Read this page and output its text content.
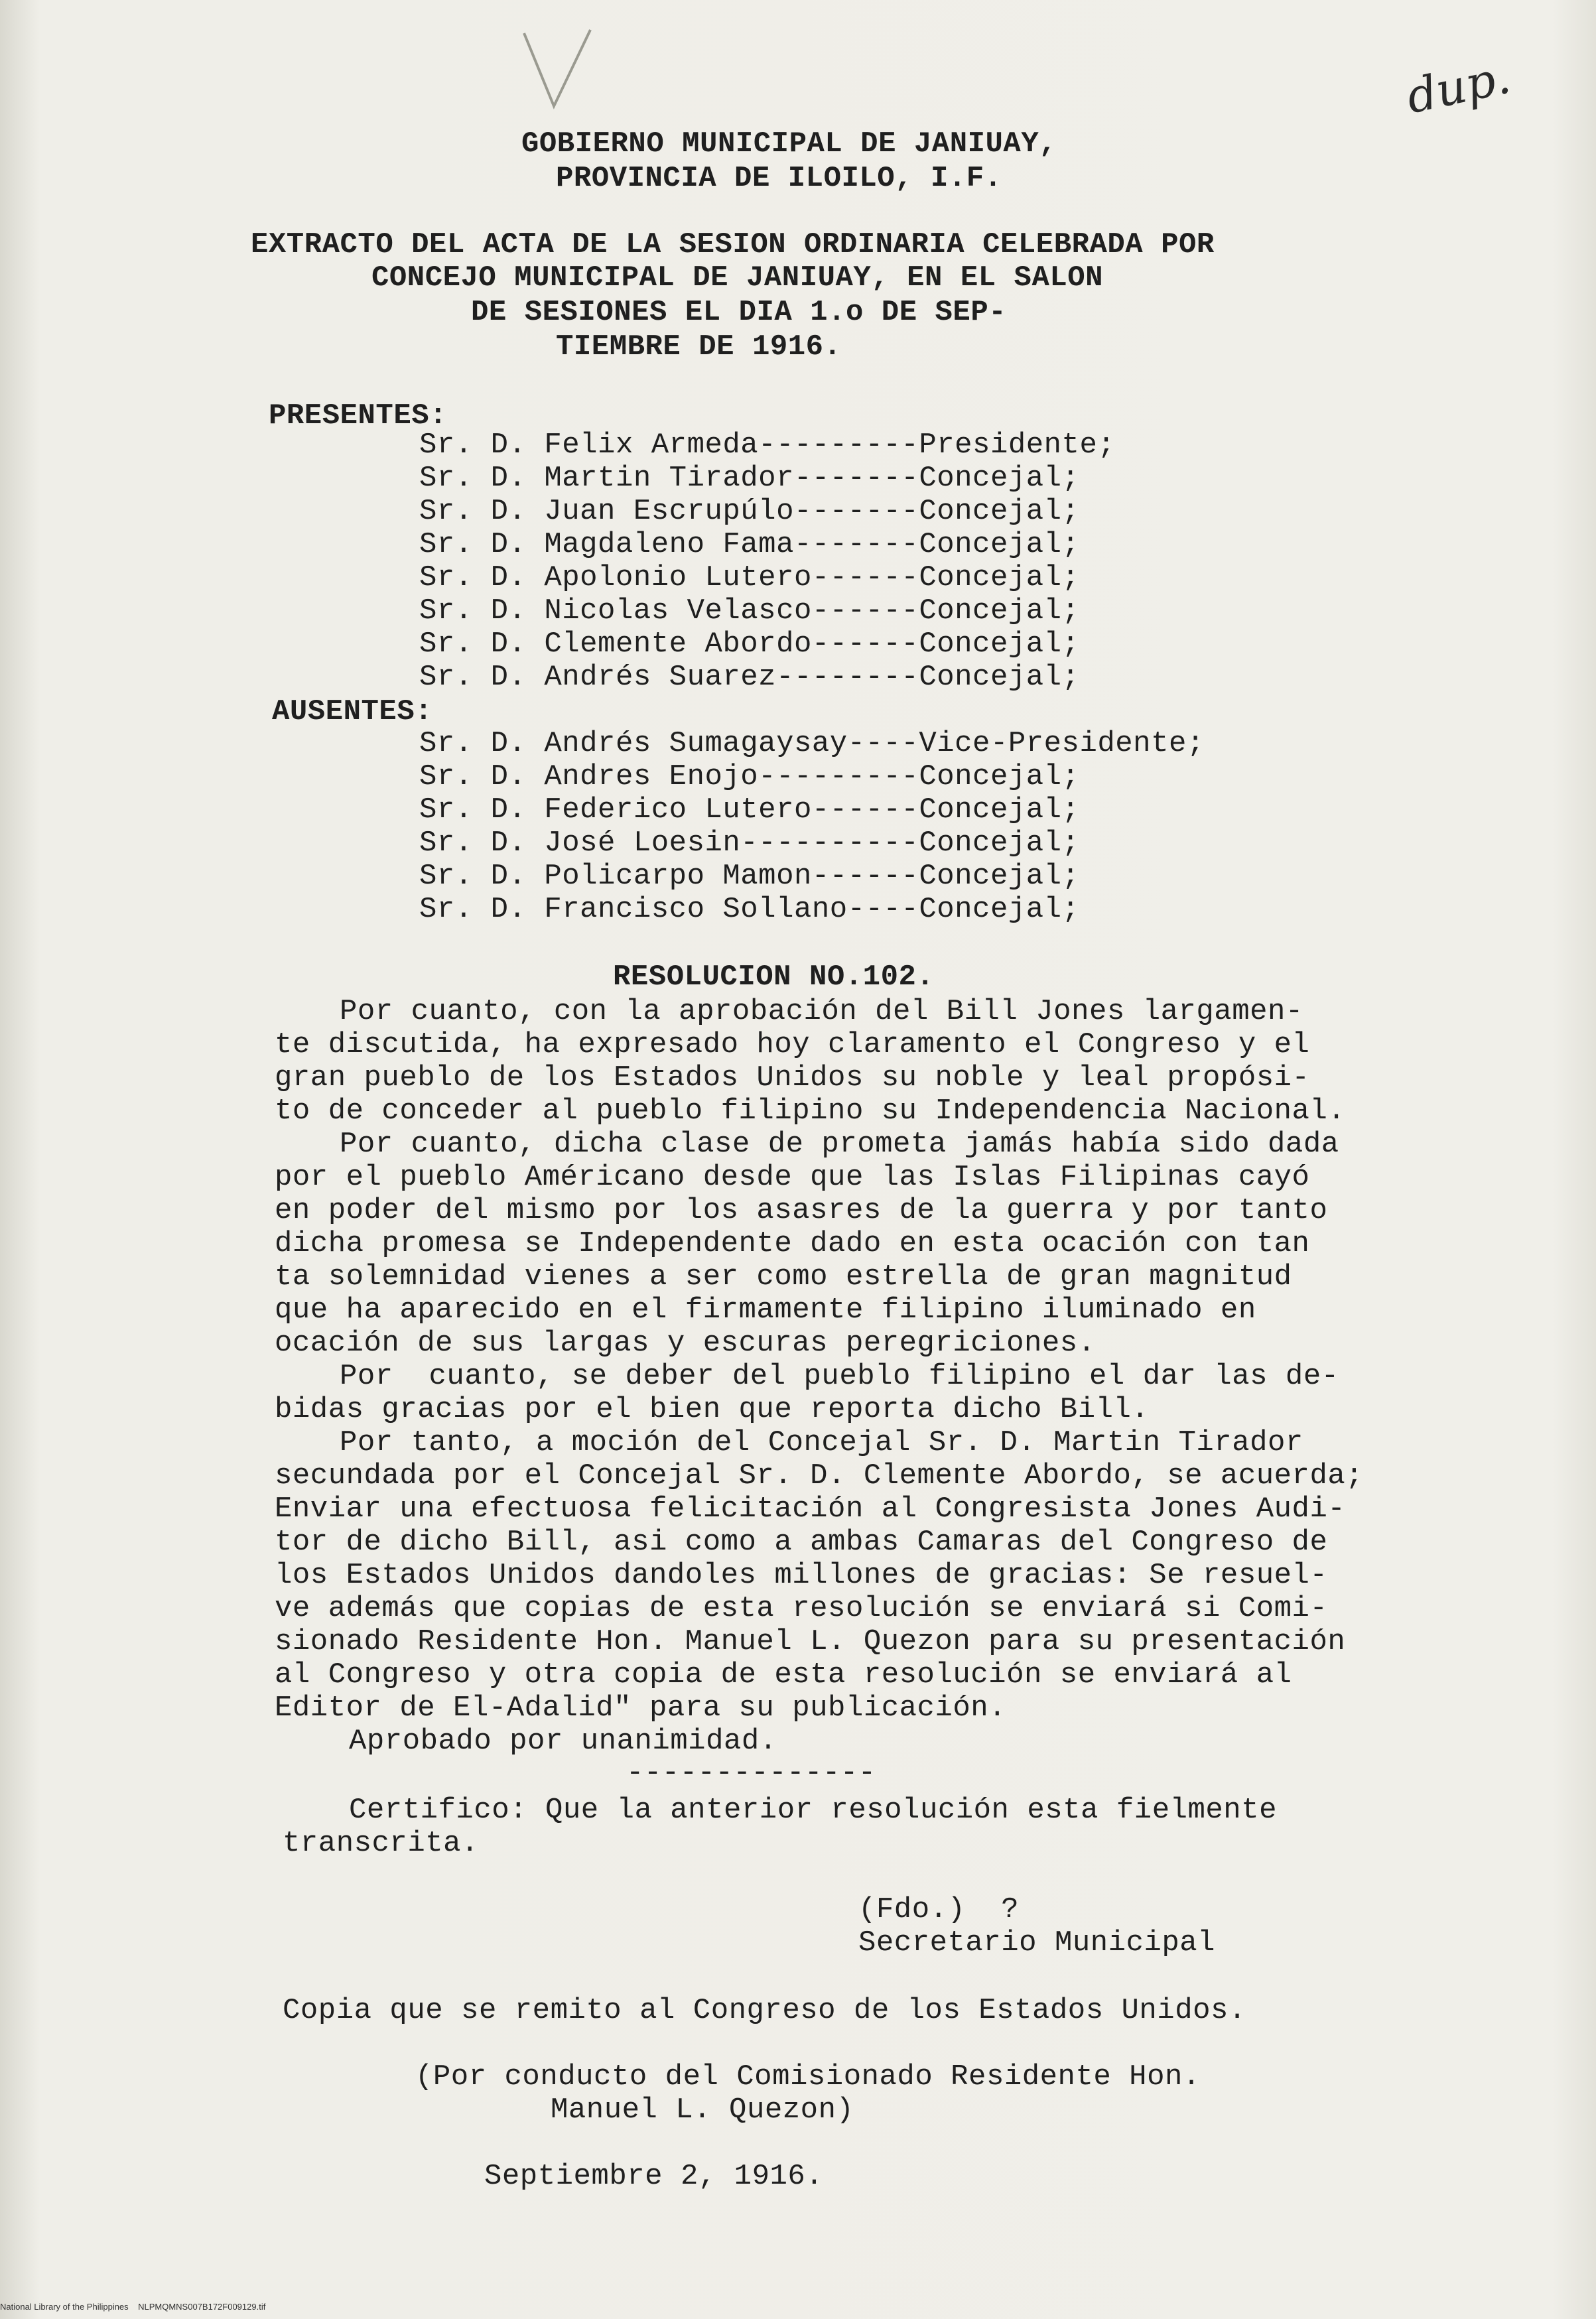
dup.
GOBIERNO MUNICIPAL DE JANIUAY,
PROVINCIA DE ILOILO, I.F.
EXTRACTO DEL ACTA DE LA SESION ORDINARIA CELEBRADA POR
CONCEJO MUNICIPAL DE JANIUAY, EN EL SALON
DE SESIONES EL DIA 1.o DE SEP-
TIEMBRE DE 1916.
PRESENTES:
Sr. D. Felix Armeda---------Presidente;
Sr. D. Martin Tirador-------Concejal;
Sr. D. Juan Escrupúlo-------Concejal;
Sr. D. Magdaleno Fama-------Concejal;
Sr. D. Apolonio Lutero------Concejal;
Sr. D. Nicolas Velasco------Concejal;
Sr. D. Clemente Abordo------Concejal;
Sr. D. Andrés Suarez--------Concejal;
AUSENTES:
Sr. D. Andrés Sumagaysay----Vice-Presidente;
Sr. D. Andres Enojo---------Concejal;
Sr. D. Federico Lutero------Concejal;
Sr. D. José Loesin----------Concejal;
Sr. D. Policarpo Mamon------Concejal;
Sr. D. Francisco Sollano----Concejal;
RESOLUCION NO.102.
Por cuanto, con la aprobación del Bill Jones largamen-
te discutida, ha expresado hoy claramento el Congreso y el
gran pueblo de los Estados Unidos su noble y leal propósi-
to de conceder al pueblo filipino su Independencia Nacional.
Por cuanto, dicha clase de prometa jamás había sido dada
por el pueblo Américano desde que las Islas Filipinas cayó
en poder del mismo por los asasres de la guerra y por tanto
dicha promesa se Independente dado en esta ocación con tan
ta solemnidad vienes a ser como estrella de gran magnitud
que ha aparecido en el firmamente filipino iluminado en
ocación de sus largas y escuras peregriciones.
Por  cuanto, se deber del pueblo filipino el dar las de-
bidas gracias por el bien que reporta dicho Bill.
Por tanto, a moción del Concejal Sr. D. Martin Tirador
secundada por el Concejal Sr. D. Clemente Abordo, se acuerda;
Enviar una efectuosa felicitación al Congresista Jones Audi-
tor de dicho Bill, asi como a ambas Camaras del Congreso de
los Estados Unidos dandoles millones de gracias: Se resuel-
ve además que copias de esta resolución se enviará si Comi-
sionado Residente Hon. Manuel L. Quezon para su presentación
al Congreso y otra copia de esta resolución se enviará al
Editor de El-Adalid" para su publicación.
Aprobado por unanimidad.
--------------
Certifico: Que la anterior resolución esta fielmente
transcrita.
(Fdo.)  ?
Secretario Municipal
Copia que se remito al Congreso de los Estados Unidos.
(Por conducto del Comisionado Residente Hon.
Manuel L. Quezon)
Septiembre 2, 1916.
National Library of the Philippines    NLPMQMNS007B172F009129.tif
